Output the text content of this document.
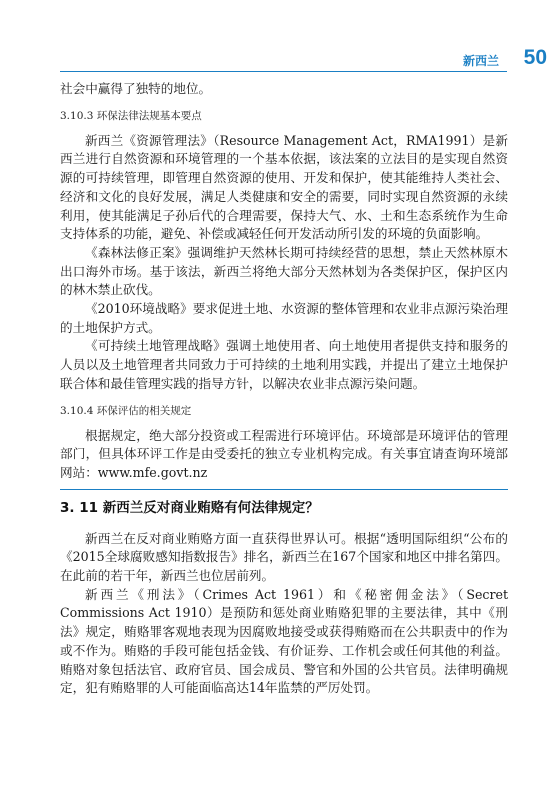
新西兰 50

社会中赢得了独特的地位。

3.10.3 环保法律法规基本要点

新西兰《资源管理法》（Resource Management Act，RMA1991）是新西兰进行自然资源和环境管理的一个基本依据，该法案的立法目的是实现自然资源的可持续管理，即管理自然资源的使用、开发和保护，使其能维持人类社会、经济和文化的良好发展，满足人类健康和安全的需要，同时实现自然资源的永续利用，使其能满足子孙后代的合理需要，保持大气、水、土和生态系统作为生命支持体系的功能，避免、补偿或减轻任何开发活动所引发的环境的负面影响。

《森林法修正案》强调维护天然林长期可持续经营的思想，禁止天然林原木出口海外市场。基于该法，新西兰将绝大部分天然林划为各类保护区，保护区内的林木禁止砍伐。

《2010环境战略》要求促进土地、水资源的整体管理和农业非点源污染治理的土地保护方式。

《可持续土地管理战略》强调土地使用者、向土地使用者提供支持和服务的人员以及土地管理者共同致力于可持续的土地利用实践，并提出了建立土地保护联合体和最佳管理实践的指导方针，以解决农业非点源污染问题。

3.10.4 环保评估的相关规定

根据规定，绝大部分投资或工程需进行环境评估。环境部是环境评估的管理部门，但具体环评工作是由受委托的独立专业机构完成。有关事宜请查询环境部网站：www.mfe.govt.nz

3. 11 新西兰反对商业贿赂有何法律规定？

新西兰在反对商业贿赂方面一直获得世界认可。根据“透明国际组织“公布的《2015全球腐败感知指数报告》排名，新西兰在167个国家和地区中排名第四。在此前的若干年，新西兰也位居前列。

新西兰《刑法》（Crimes Act 1961）和《秘密佣金法》（Secret Commissions Act 1910）是预防和惩处商业贿赂犯罪的主要法律，其中《刑法》规定，贿赂罪客观地表现为因腐败地接受或获得贿赂而在公共职责中的作为或不作为。贿赂的手段可能包括金钱、有价证券、工作机会或任何其他的利益。贿赂对象包括法官、政府官员、国会成员、警官和外国的公共官员。法律明确规定，犯有贿赂罪的人可能面临高达14年监禁的严厉处罚。
